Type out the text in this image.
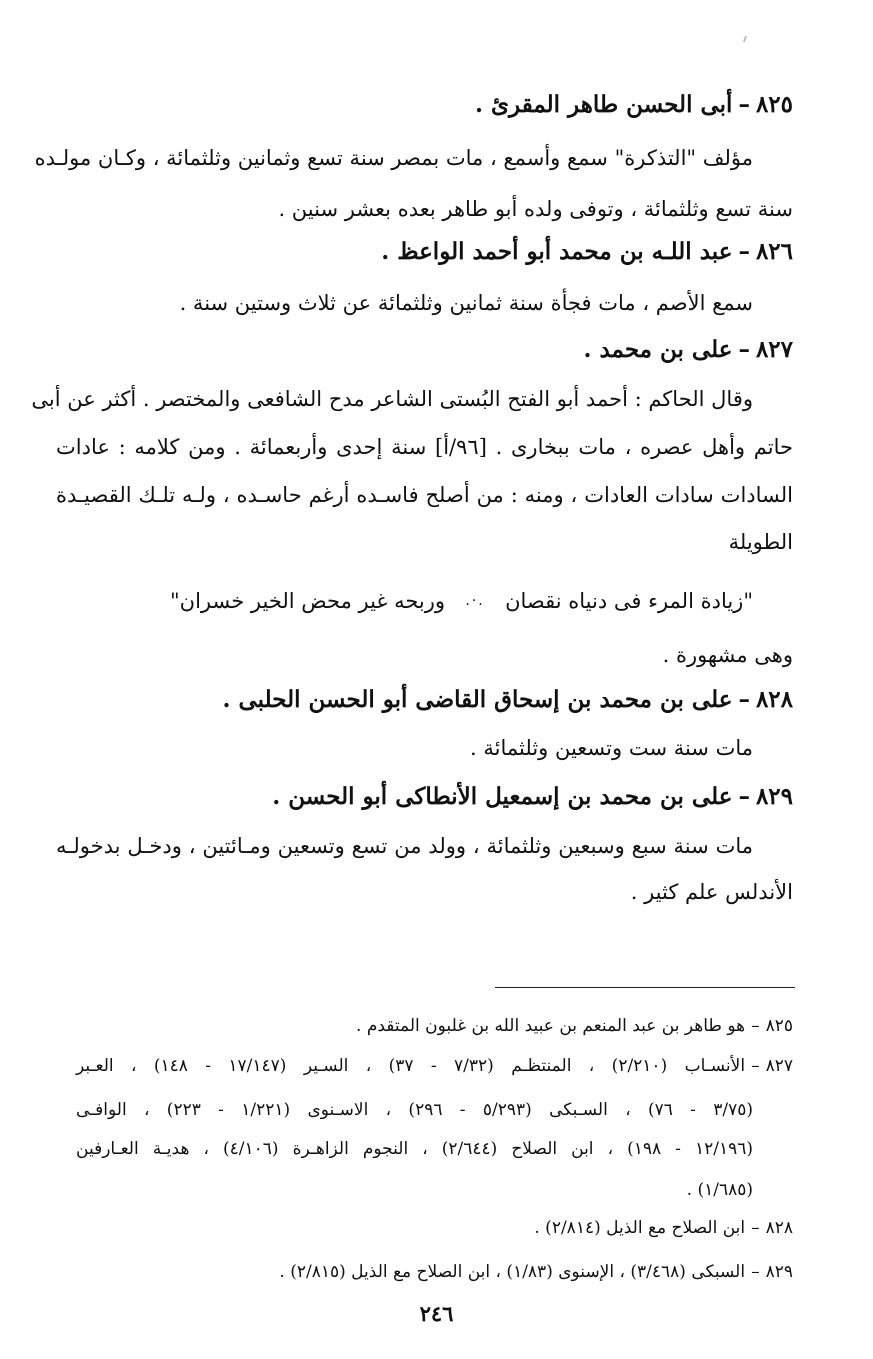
٨٢٥–أبى الحسن طاهر المقرئ .
مؤلف "التذكرة" سمع وأسمع ، مات بمصر سنة تسع وثمانين وثلثمائة ، وكـان مولـده
سنة تسع وثلثمائة ، وتوفى ولده أبو طاهر بعده بعشر سنين .
٨٢٦–عبد اللـه بن محمد أبو أحمد الواعظ .
سمع الأصم ، مات فجأة سنة ثمانين وثلثمائة عن ثلاث وستين سنة .
٨٢٧–على بن محمد .
وقال الحاكم : أحمد أبو الفتح البُستى الشاعر مدح الشافعى والمختصر . أكثر عن أبى
حاتم وأهل عصره ، مات ببخارى . [٩٦/أ] سنة إحدى وأربعمائة . ومن كلامه : عادات
السادات سادات العادات ، ومنه : من أصلح فاسـده أرغم حاسـده ، ولـه تلـك القصيـدة
الطويلة
"زيادة المرء فى دنياه نقصان
.·.
وربحه غير محض الخير خسران"
وهى مشهورة .
٨٢٨–على بن محمد بن إسحاق القاضى أبو الحسن الحلبى .
مات سنة ست وتسعين وثلثمائة .
٨٢٩–على بن محمد بن إسمعيل الأنطاكى أبو الحسن .
مات سنة سبع وسبعين وثلثمائة ، وولد من تسع وتسعين ومـائتين ، ودخـل بدخولـه
الأندلس علم كثير .
٨٢٥–هو طاهر بن عبد المنعم بن عبيد الله بن غلبون المتقدم .
٨٢٧–الأنسـاب (٢/٢١٠) ، المنتظـم (٧/٣٢ - ٣٧) ، السـير (١٧/١٤٧ - ١٤٨) ، العـبر
(٣/٧٥ - ٧٦) ، السـبكى (٥/٢٩٣ - ٢٩٦) ، الاسـنوى (١/٢٢١ - ٢٢٣) ، الوافـى
(١٢/١٩٦ - ١٩٨) ، ابن الصلاح (٢/٦٤٤) ، النجوم الزاهـرة (٤/١٠٦) ، هديـة العـارفين
(١/٦٨٥) .
٨٢٨–ابن الصلاح مع الذيل (٢/٨١٤) .
٨٢٩–السبكى (٣/٤٦٨) ، الإسنوى (١/٨٣) ، ابن الصلاح مع الذيل (٢/٨١٥) .
٢٤٦
